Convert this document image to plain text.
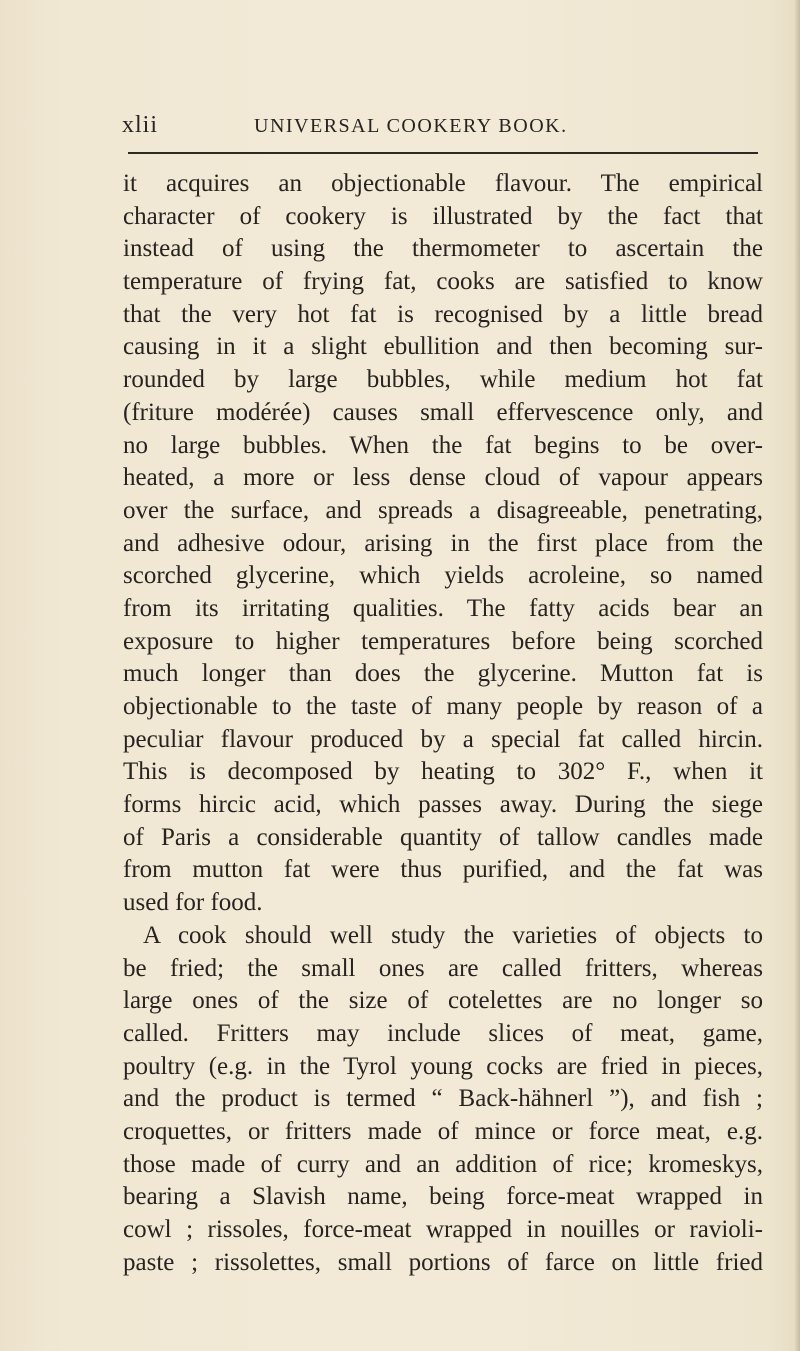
xlii	UNIVERSAL COOKERY BOOK.
it acquires an objectionable flavour. The empirical
character of cookery is illustrated by the fact that
instead of using the thermometer to ascertain the
temperature of frying fat, cooks are satisfied to know
that the very hot fat is recognised by a little bread
causing in it a slight ebullition and then becoming sur-
rounded by large bubbles, while medium hot fat
(friture modérée) causes small effervescence only, and
no large bubbles. When the fat begins to be over-
heated, a more or less dense cloud of vapour appears
over the surface, and spreads a disagreeable, penetrating,
and adhesive odour, arising in the first place from the
scorched glycerine, which yields acroleine, so named
from its irritating qualities. The fatty acids bear an
exposure to higher temperatures before being scorched
much longer than does the glycerine. Mutton fat is
objectionable to the taste of many people by reason of a
peculiar flavour produced by a special fat called hircin.
This is decomposed by heating to 302° F., when it
forms hircic acid, which passes away. During the siege
of Paris a considerable quantity of tallow candles made
from mutton fat were thus purified, and the fat was
used for food.
A cook should well study the varieties of objects to
be fried; the small ones are called fritters, whereas
large ones of the size of cotelettes are no longer so
called. Fritters may include slices of meat, game,
poultry (e.g. in the Tyrol young cocks are fried in pieces,
and the product is termed “ Back-hähnerl ”), and fish ;
croquettes, or fritters made of mince or force meat, e.g.
those made of curry and an addition of rice; kromeskys,
bearing a Slavish name, being force-meat wrapped in
cowl ; rissoles, force-meat wrapped in nouilles or ravioli-
paste ; rissolettes, small portions of farce on little fried
